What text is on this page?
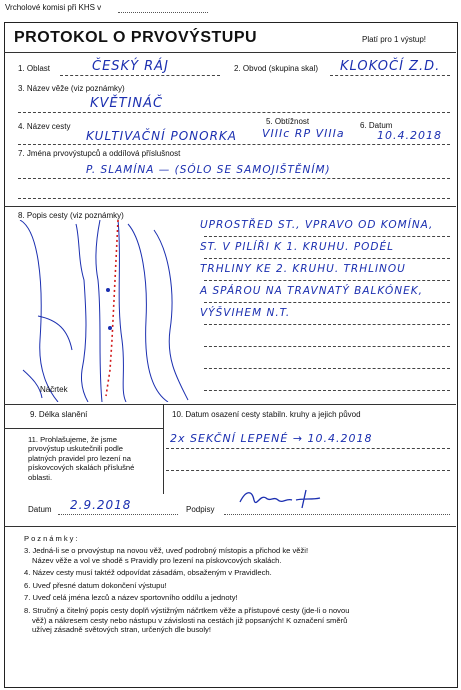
Vrcholové komisi při KHS v
PROTOKOL O PRVOVÝSTUPU	Platí pro 1 výstup!
1. Oblast	ČESKÝ RÁJ	2. Obvod (skupina skal) KLOKOČÍ Z.D.
3. Název věže (viz poznámky)
KVĚTINÁČ
4. Název cesty
KULTIVAČNÍ PONORKA
5. Obtížnost
VIIIc RP VIIIa
6. Datum
10.4.2018
7. Jména prvovýstupců a oddílová příslušnost
P. SLAMÍNA — (SÓLO SE SAMOJIŠTĚNÍM)
8. Popis cesty (viz poznámky)
Náčrtek
UPROSTŘED ST., VPRAVO OD KOMÍNA,
ST. V PILÍŘI K 1. KRUHU. PODÉL
TRHLINY KE 2. KRUHU. TRHLINOU
A SPÁROU NA TRAVNATÝ BALKÓNEK,
VÝŠVIHEM N.T.
9. Délka slanění	10. Datum osazení cesty stabiln. kruhy a jejich původ
2x SEKČNÍ LEPENÉ → 10.4.2018
11. Prohlašujeme, že jsme prvovýstup uskutečnili podle platných pravidel pro lezení na pískovcových skalách příslušné oblasti.
Datum 2.9.2018	Podpisy
Poznámky:
3. Jedná-li se o prvovýstup na novou věž, uveď podrobný místopis a přichod ke věži!
Název věže a vol ve shodě s Pravidly pro lezení na pískovcových skalách.
4. Název cesty musí taktéž odpovídat zásadám, obsaženým v Pravidlech.
6. Uveď přesné datum dokončení výstupu!
7. Uveď celá jména lezců a název sportovního oddílu a jednoty!
8. Stručný a čitelný popis cesty doplň výstižným náčrtkem věže a přístupové cesty (jde-li o novou
věž) a nákresem cesty nebo nástupu v závislosti na cestách již popsaných! K označení směrů
užívej zásadně světových stran, určených dle busoly!
